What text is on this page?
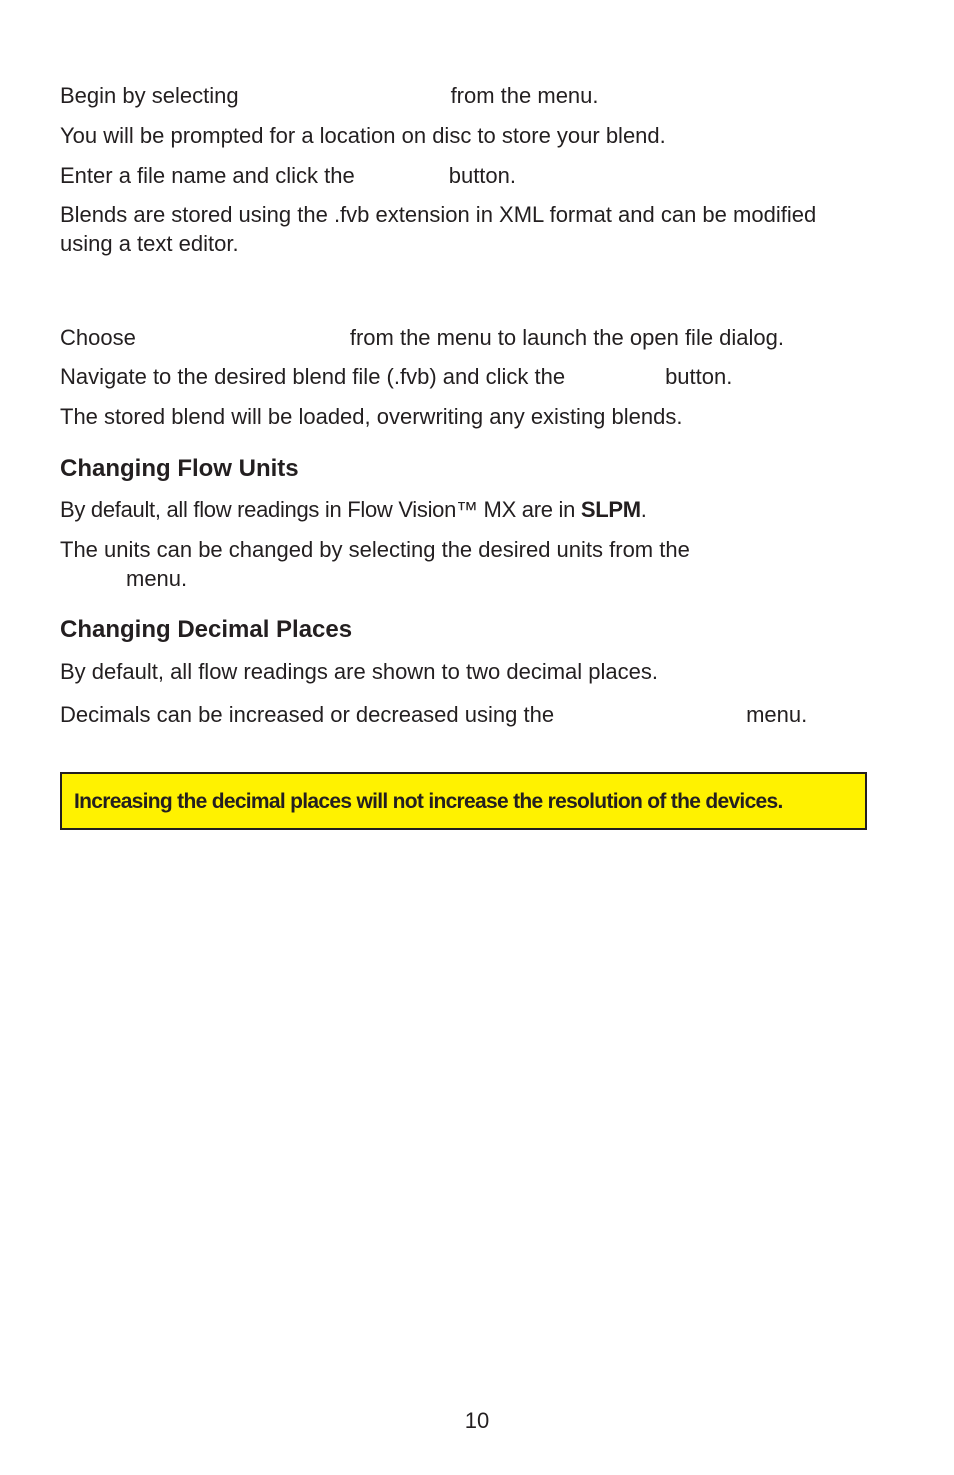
Begin by selecting	from the menu.

You will be prompted for a location on disc to store your blend.

Enter a file name and click the	button.

Blends are stored using the .fvb extension in XML format and can be modified

using a text editor.

Choose	from the menu to launch the open file dialog.

Navigate to the desired blend file (.fvb) and click the	button.

The stored blend will be loaded, overwriting any existing blends.

Changing Flow Units

By default, all flow readings in Flow Vision™ MX are in SLPM.

The units can be changed by selecting the desired units from the

menu.

Changing Decimal Places

By default, all flow readings are shown to two decimal places.

Decimals can be increased or decreased using the	menu.

Increasing the decimal places will not increase the resolution of the devices.
10
